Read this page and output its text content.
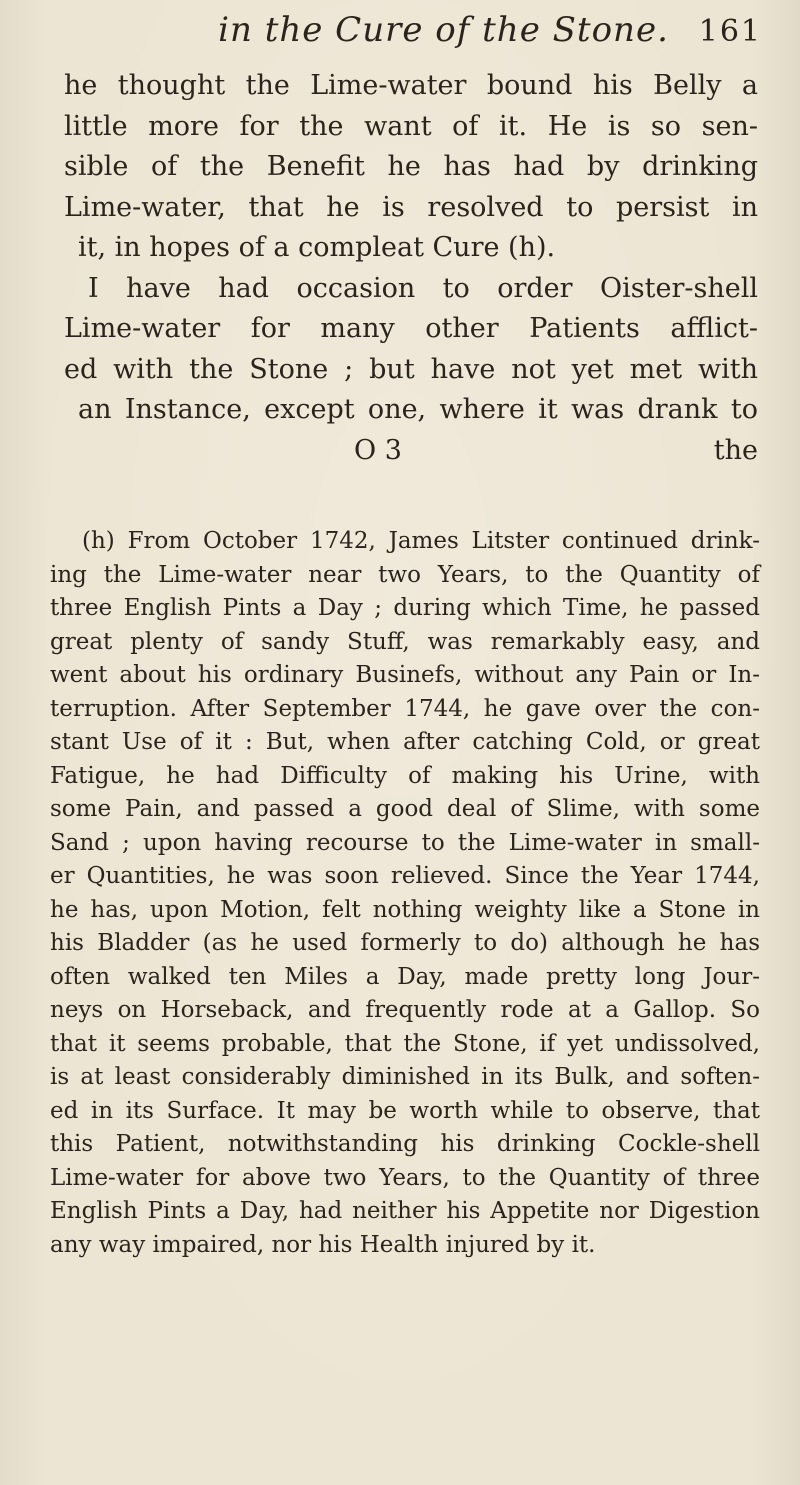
in the Cure of the Stone. 161
he thought the Lime-water bound his Belly a
little more for the want of it. He is so sen-
sible of the Benefit he has had by drinking
Lime-water, that he is resolved to persist in
it, in hopes of a compleat Cure (h).
I have had occasion to order Oister-shell
Lime-water for many other Patients afflict-
ed with the Stone ; but have not yet met with
an Instance, except one, where it was drank to
O 3	the
(h) From October 1742, James Litster continued drink-
ing the Lime-water near two Years, to the Quantity of
three English Pints a Day ; during which Time, he passed
great plenty of sandy Stuff, was remarkably easy, and
went about his ordinary Businefs, without any Pain or In-
terruption. After September 1744, he gave over the con-
stant Use of it : But, when after catching Cold, or great
Fatigue, he had Difficulty of making his Urine, with
some Pain, and passed a good deal of Slime, with some
Sand ; upon having recourse to the Lime-water in small-
er Quantities, he was soon relieved. Since the Year 1744,
he has, upon Motion, felt nothing weighty like a Stone in
his Bladder (as he used formerly to do) although he has
often walked ten Miles a Day, made pretty long Jour-
neys on Horseback, and frequently rode at a Gallop. So
that it seems probable, that the Stone, if yet undissolved,
is at least considerably diminished in its Bulk, and soften-
ed in its Surface. It may be worth while to observe, that
this Patient, notwithstanding his drinking Cockle-shell
Lime-water for above two Years, to the Quantity of three
English Pints a Day, had neither his Appetite nor Digestion
any way impaired, nor his Health injured by it.
